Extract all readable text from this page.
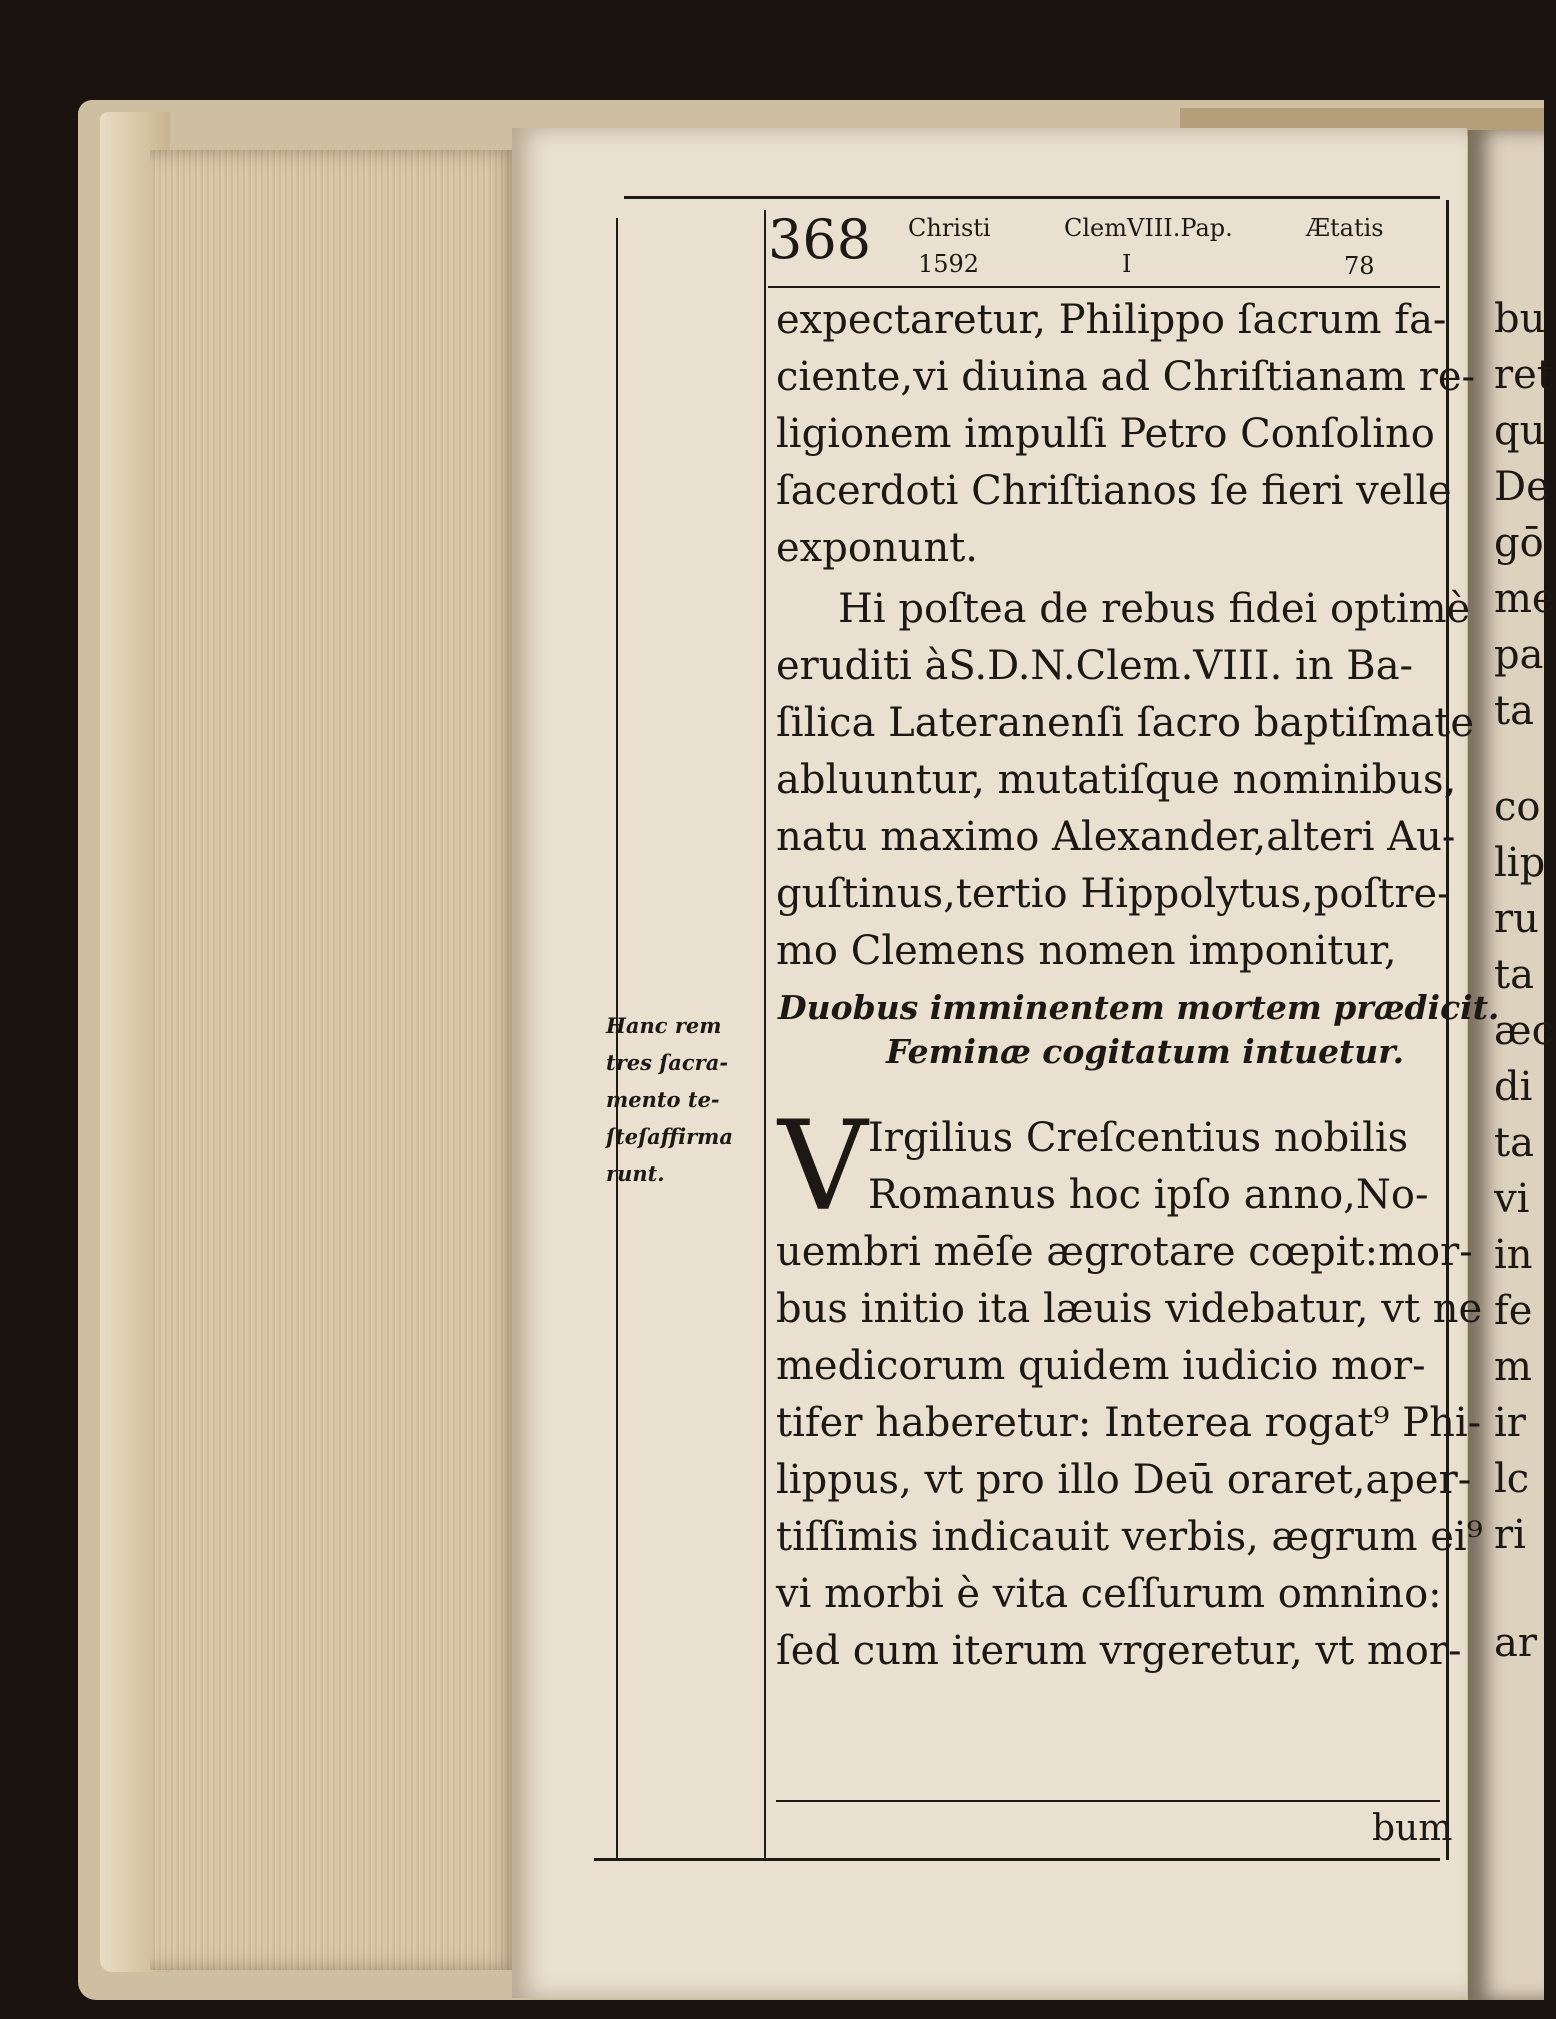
368 Christi
1592
ClemVIII.Pap.
I
Ætatis
78
expectaretur, Philippo ſacrum fa-
ciente,vi diuina ad Chriſtianam re-
ligionem impulſi Petro Conſolino
ſacerdoti Chriſtianos ſe fieri velle
exponunt.
Hi poſtea de rebus fidei optimè
eruditi àS.D.N.Clem.VIII. in Ba-
ſilica Lateranenſi ſacro baptiſmate
abluuntur, mutatiſque nominibus,
natu maximo Alexander,alteri Au-
guſtinus,tertio Hippolytus,poſtre-
mo Clemens nomen imponitur,
Duobus imminentem mortem prædicit.
Feminæ cogitatum intuetur.
Hanc rem
tres ſacra-
mento te-
ſteſaffirma
runt. V Irgilius Creſcentius nobilis
Romanus hoc ipſo anno,No-
uembri mēſe ægrotare cœpit:mor-
bus initio ita læuis videbatur, vt ne
medicorum quidem iudicio mor-
tifer haberetur: Interea rogat⁹ Phi-
lippus, vt pro illo Deū oraret,aper-
tiſſimis indicauit verbis, ægrum ei⁹
vi morbi è vita ceſſurum omnino:
ſed cum iterum vrgeretur, vt mor-
bum
bu
ret
qu
De
gō
me
pa
ta
co
lip
ru
ta
æc
di
ta
vi
in
fe
m
ir
lc
ri
ar
